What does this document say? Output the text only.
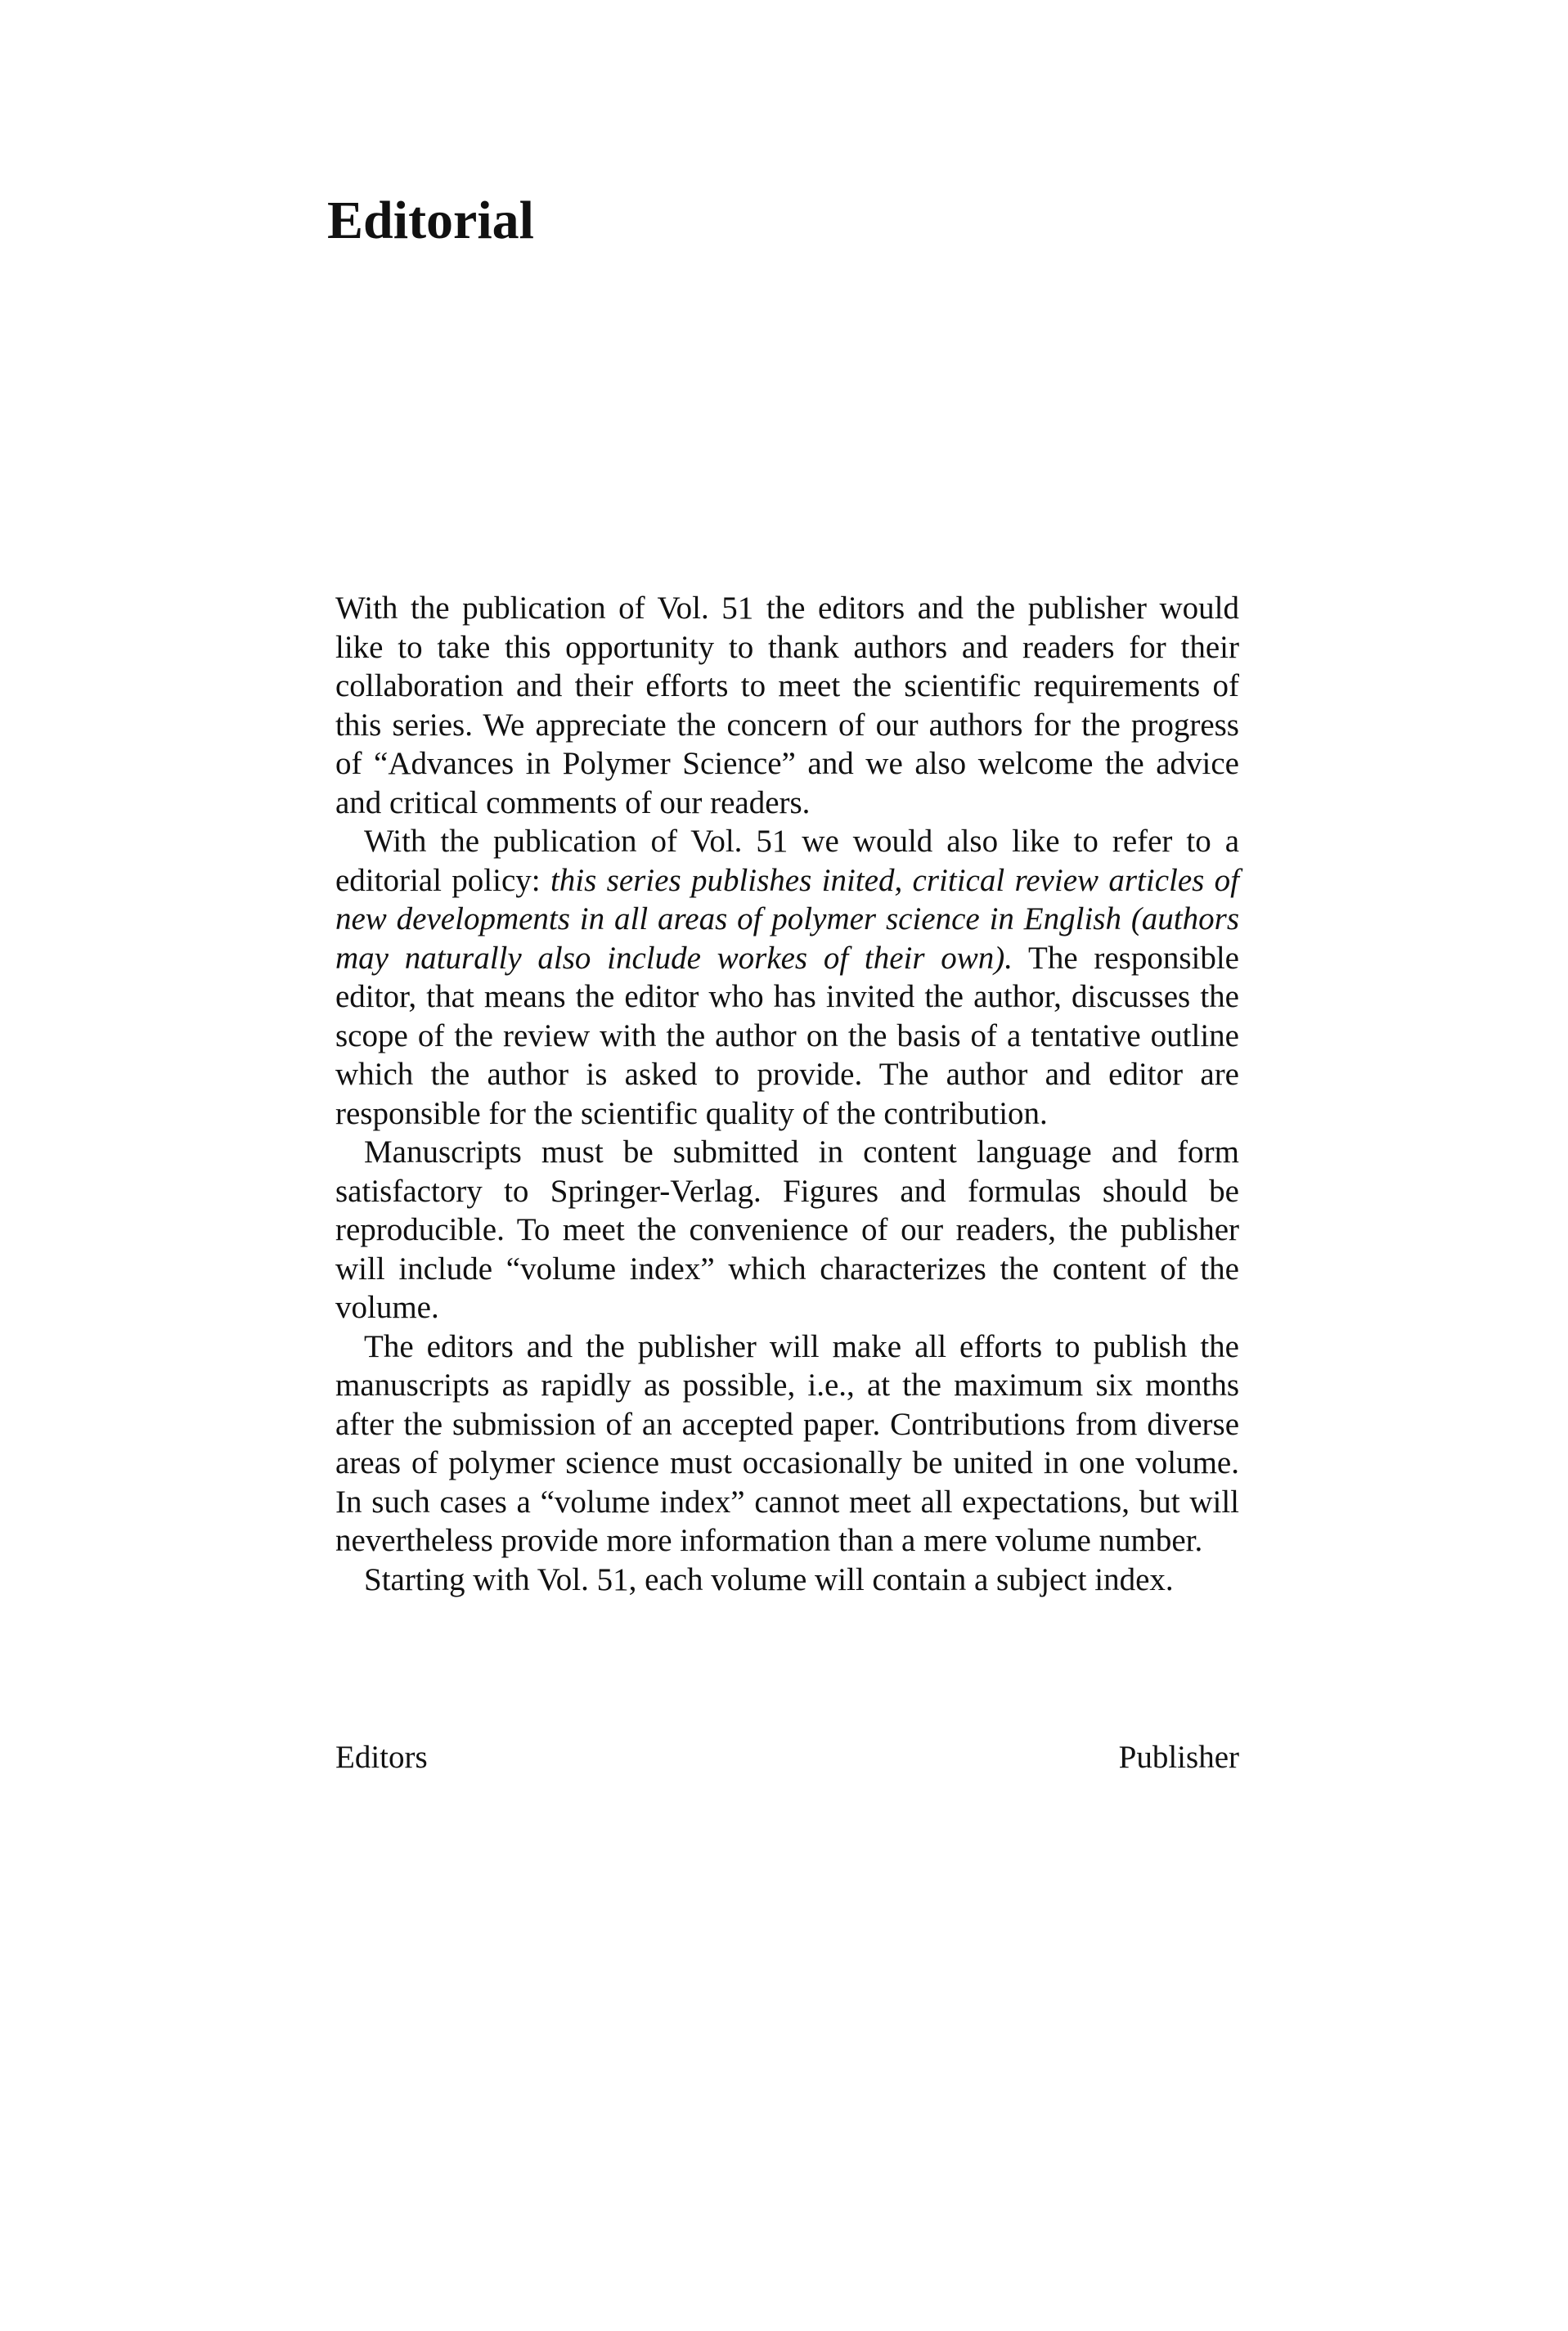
Editorial

With the publication of Vol. 51 the editors and the publisher would like to take this opportunity to thank authors and readers for their collaboration and their efforts to meet the scientific requirements of this series. We appreciate the concern of our authors for the progress of “Advances in Polymer Science” and we also welcome the advice and critical comments of our readers.

With the publication of Vol. 51 we would also like to refer to a editorial policy: this series publishes inited, critical review articles of new developments in all areas of polymer science in English (authors may naturally also include workes of their own). The responsible editor, that means the editor who has invited the author, discusses the scope of the review with the author on the basis of a tentative outline which the author is asked to provide. The author and editor are responsible for the scientific quality of the contribution.

Manuscripts must be submitted in content language and form satisfactory to Springer-Verlag. Figures and formulas should be reproducible. To meet the convenience of our readers, the publisher will include “volume index” which characterizes the content of the volume.

The editors and the publisher will make all efforts to publish the manuscripts as rapidly as possible, i.e., at the maximum six months after the submission of an accepted paper. Contributions from diverse areas of polymer science must occasionally be united in one volume. In such cases a “volume index” cannot meet all expectations, but will nevertheless provide more information than a mere volume number.

Starting with Vol. 51, each volume will contain a subject index.

Editors	Publisher
